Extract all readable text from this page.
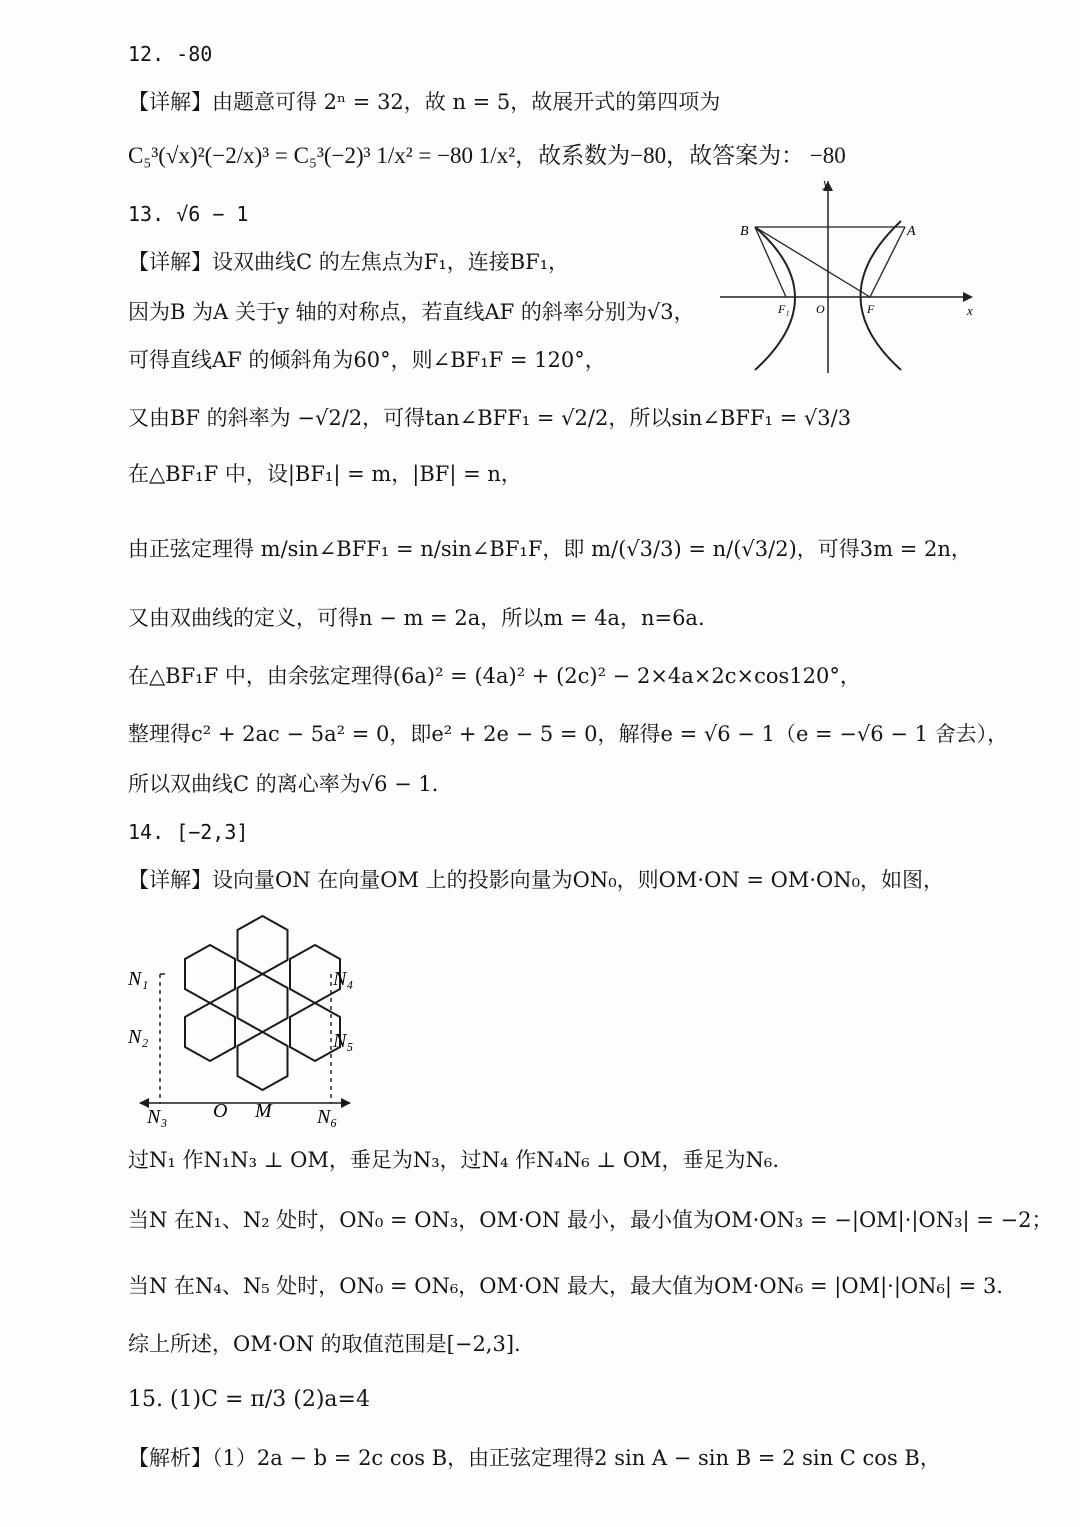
12. -80
【详解】由题意可得 2ⁿ = 32，故 n = 5，故展开式的第四项为
C₅³(√x)²(−2/x)³ = C₅³(−2)³ 1/x² = −80 1/x²，故系数为−80，故答案为： −80
13. √6 − 1
【详解】设双曲线C 的左焦点为F₁，连接BF₁，
因为B 为A 关于y 轴的对称点，若直线AF 的斜率分别为√3，
可得直线AF 的倾斜角为60°，则∠BF₁F = 120°，
又由BF 的斜率为 −√2/2，可得tan∠BFF₁ = √2/2，所以sin∠BFF₁ = √3/3
在△BF₁F 中，设|BF₁| = m，|BF| = n，
由正弦定理得 m/sin∠BFF₁ = n/sin∠BF₁F，即 m/(√3/3) = n/(√3/2)，可得3m = 2n，
又由双曲线的定义，可得n − m = 2a，所以m = 4a，n=6a.
在△BF₁F 中，由余弦定理得(6a)² = (4a)² + (2c)² − 2×4a×2c×cos120°，
整理得c² + 2ac − 5a² = 0，即e² + 2e − 5 = 0，解得e = √6 − 1（e = −√6 − 1 舍去），
所以双曲线C 的离心率为√6 − 1.
y
x
B	A
F₁ O	F
14. [−2,3]
【详解】设向量ON 在向量OM 上的投影向量为ON₀，则OM·ON = OM·ON₀，如图，
N₁
N₂
N₄
N₅
N₃ O M N₆
过N₁ 作N₁N₃ ⊥ OM，垂足为N₃，过N₄ 作N₄N₆ ⊥ OM，垂足为N₆.
当N 在N₁、N₂ 处时，ON₀ = ON₃，OM·ON 最小，最小值为OM·ON₃ = −|OM|·|ON₃| = −2；
当N 在N₄、N₅ 处时，ON₀ = ON₆，OM·ON 最大，最大值为OM·ON₆ = |OM|·|ON₆| = 3.
综上所述，OM·ON 的取值范围是[−2,3].
15. (1)C = π/3 (2)a=4
【解析】（1）2a − b = 2c cos B，由正弦定理得2 sin A − sin B = 2 sin C cos B，
